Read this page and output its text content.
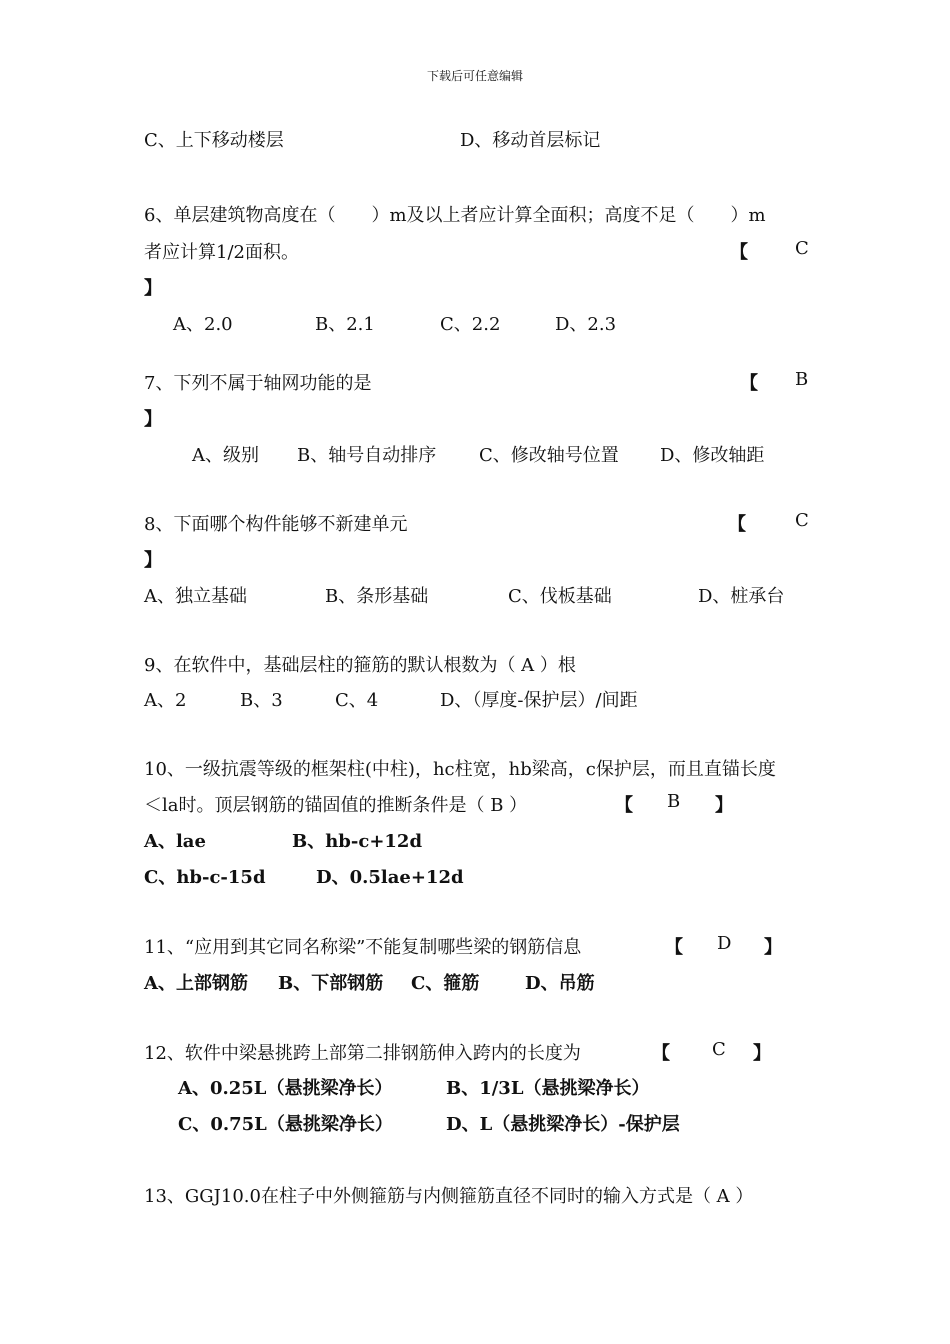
下载后可任意编辑
C、上下移动楼层	D、移动首层标记
6、单层建筑物高度在（　　）m及以上者应计算全面积；高度不足（　　）m
者应计算1/2面积。	【	C
】
A、2.0	B、2.1	C、2.2	D、2.3
7、下列不属于轴网功能的是	【 B
】
A、级别 B、轴号自动排序 C、修改轴号位置 D、修改轴距
8、下面哪个构件能够不新建单元	【	C
】
A、独立基础	B、条形基础	C、伐板基础	D、桩承台
9、在软件中，基础层柱的箍筋的默认根数为（ A ）根
A、2	B、3	C、4	D、（厚度-保护层）/间距
10、一级抗震等级的框架柱(中柱)，hc柱宽，hb梁高，c保护层，而且直锚长度
＜la时。顶层钢筋的锚固值的推断条件是（ B ）	【 B 】
A、lae	B、hb-c+12d
C、hb-c-15d	D、0.5lae+12d
11、“应用到其它同名称梁”不能复制哪些梁的钢筋信息	【 D 】
A、上部钢筋 B、下部钢筋 C、箍筋	D、吊筋
12、软件中梁悬挑跨上部第二排钢筋伸入跨内的长度为	【 C 】
A、0.25L（悬挑梁净长）	B、1/3L（悬挑梁净长）
C、0.75L（悬挑梁净长）	D、L（悬挑梁净长）-保护层
13、GGJ10.0在柱子中外侧箍筋与内侧箍筋直径不同时的输入方式是（ A ）
